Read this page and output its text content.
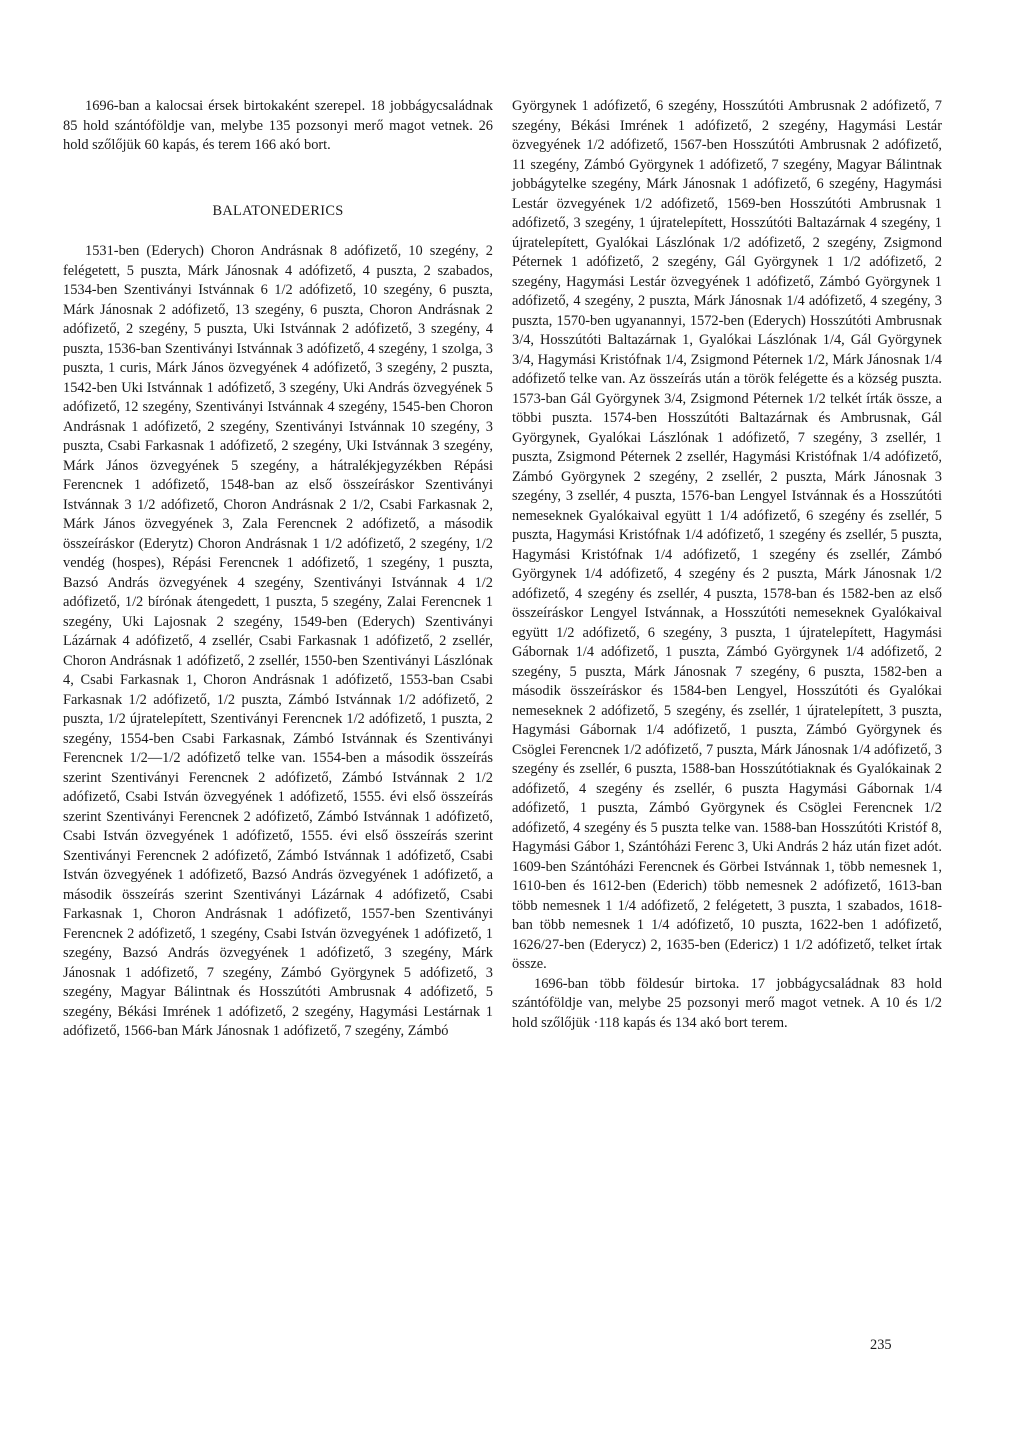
1696-ban a kalocsai érsek birtokaként szerepel. 18 jobbágycsaládnak 85 hold szántóföldje van, melybe 135 pozsonyi merő magot vetnek. 26 hold szőlőjük 60 kapás, és terem 166 akó bort.

BALATONEDERICS

1531-ben (Ederych) Choron Andrásnak 8 adófizető, 10 szegény, 2 felégetett, 5 puszta, Márk Jánosnak 4 adófizető, 4 puszta, 2 szabados, 1534-ben Szentiványi Istvánnak 6 1/2 adófizető, 10 szegény, 6 puszta, Márk Jánosnak 2 adófizető, 13 szegény, 6 puszta, Choron Andrásnak 2 adófizető, 2 szegény, 5 puszta, Uki Istvánnak 2 adófizető, 3 szegény, 4 puszta, 1536-ban Szentiványi Istvánnak 3 adófizető, 4 szegény, 1 szolga, 3 puszta, 1 curis, Márk János özvegyének 4 adófizető, 3 szegény, 2 puszta, 1542-ben Uki Istvánnak 1 adófizető, 3 szegény, Uki András özvegyének 5 adófizető, 12 szegény, Szentiványi Istvánnak 4 szegény, 1545-ben Choron Andrásnak 1 adófizető, 2 szegény, Szentiványi Istvánnak 10 szegény, 3 puszta, Csabi Farkasnak 1 adófizető, 2 szegény, Uki Istvánnak 3 szegény, Márk János özvegyének 5 szegény, a hátralékjegyzékben Répási Ferencnek 1 adófizető, 1548-ban az első összeíráskor Szentiványi Istvánnak 3 1/2 adófizető, Choron Andrásnak 2 1/2, Csabi Farkasnak 2, Márk János özvegyének 3, Zala Ferencnek 2 adófizető, a második összeíráskor (Ederytz) Choron Andrásnak 1 1/2 adófizető, 2 szegény, 1/2 vendég (hospes), Répási Ferencnek 1 adófizető, 1 szegény, 1 puszta, Bazsó András özvegyének 4 szegény, Szentiványi Istvánnak 4 1/2 adófizető, 1/2 bírónak átengedett, 1 puszta, 5 szegény, Zalai Ferencnek 1 szegény, Uki Lajosnak 2 szegény, 1549-ben (Ederych) Szentiványi Lázárnak 4 adófizető, 4 zsellér, Csabi Farkasnak 1 adófizető, 2 zsellér, Choron Andrásnak 1 adófizető, 2 zsellér, 1550-ben Szentiványi Lászlónak 4, Csabi Farkasnak 1, Choron Andrásnak 1 adófizető, 1553-ban Csabi Farkasnak 1/2 adófizető, 1/2 puszta, Zámbó Istvánnak 1/2 adófizető, 2 puszta, 1/2 újratelepített, Szentiványi Ferencnek 1/2 adófizető, 1 puszta, 2 szegény, 1554-ben Csabi Farkasnak, Zámbó Istvánnak és Szentiványi Ferencnek 1/2—1/2 adófizető telke van. 1554-ben a második összeírás szerint Szentiványi Ferencnek 2 adófizető, Zámbó Istvánnak 2 1/2 adófizető, Csabi István özvegyének 1 adófizető, 1555. évi első összeírás szerint Szentiványi Ferencnek 2 adófizető, Zámbó Istvánnak 1 adófizető, Csabi István özvegyének 1 adófizető, 1555. évi első összeírás szerint Szentiványi Ferencnek 2 adófizető, Zámbó Istvánnak 1 adófizető, Csabi István özvegyének 1 adófizető, Bazsó András özvegyének 1 adófizető, a második összeírás szerint Szentiványi Lázárnak 4 adófizető, Csabi Farkasnak 1, Choron Andrásnak 1 adófizető, 1557-ben Szentiványi Ferencnek 2 adófizető, 1 szegény, Csabi István özvegyének 1 adófizető, 1 szegény, Bazsó András özvegyének 1 adófizető, 3 szegény, Márk Jánosnak 1 adófizető, 7 szegény, Zámbó Györgynek 5 adófizető, 3 szegény, Magyar Bálintnak és Hosszútóti Ambrusnak 4 adófizető, 5 szegény, Békási Imrének 1 adófizető, 2 szegény, Hagymási Lestárnak 1 adófizető, 1566-ban Márk Jánosnak 1 adófizető, 7 szegény, Zámbó

Györgynek 1 adófizető, 6 szegény, Hosszútóti Ambrusnak 2 adófizető, 7 szegény, Békási Imrének 1 adófizető, 2 szegény, Hagymási Lestár özvegyének 1/2 adófizető, 1567-ben Hosszútóti Ambrusnak 2 adófizető, 11 szegény, Zámbó Györgynek 1 adófizető, 7 szegény, Magyar Bálintnak jobbágytelke szegény, Márk Jánosnak 1 adófizető, 6 szegény, Hagymási Lestár özvegyének 1/2 adófizető, 1569-ben Hosszútóti Ambrusnak 1 adófizető, 3 szegény, 1 újratelepített, Hosszútóti Baltazárnak 4 szegény, 1 újratelepített, Gyalókai Lászlónak 1/2 adófizető, 2 szegény, Zsigmond Péternek 1 adófizető, 2 szegény, Gál Györgynek 1 1/2 adófizető, 2 szegény, Hagymási Lestár özvegyének 1 adófizető, Zámbó Györgynek 1 adófizető, 4 szegény, 2 puszta, Márk Jánosnak 1/4 adófizető, 4 szegény, 3 puszta, 1570-ben ugyanannyi, 1572-ben (Ederych) Hosszútóti Ambrusnak 3/4, Hosszútóti Baltazárnak 1, Gyalókai Lászlónak 1/4, Gál Györgynek 3/4, Hagymási Kristófnak 1/4, Zsigmond Péternek 1/2, Márk Jánosnak 1/4 adófizető telke van. Az összeírás után a török felégette és a község puszta. 1573-ban Gál Györgynek 3/4, Zsigmond Péternek 1/2 telkét írták össze, a többi puszta. 1574-ben Hosszútóti Baltazárnak és Ambrusnak, Gál Györgynek, Gyalókai Lászlónak 1 adófizető, 7 szegény, 3 zsellér, 1 puszta, Zsigmond Péternek 2 zsellér, Hagymási Kristófnak 1/4 adófizető, Zámbó Györgynek 2 szegény, 2 zsellér, 2 puszta, Márk Jánosnak 3 szegény, 3 zsellér, 4 puszta, 1576-ban Lengyel Istvánnak és a Hosszútóti nemeseknek Gyalókaival együtt 1 1/4 adófizető, 6 szegény és zsellér, 5 puszta, Hagymási Kristófnak 1/4 adófizető, 1 szegény és zsellér, 5 puszta, Hagymási Kristófnak 1/4 adófizető, 1 szegény és zsellér, Zámbó Györgynek 1/4 adófizető, 4 szegény és 2 puszta, Márk Jánosnak 1/2 adófizető, 4 szegény és zsellér, 4 puszta, 1578-ban és 1582-ben az első összeíráskor Lengyel Istvánnak, a Hosszútóti nemeseknek Gyalókaival együtt 1/2 adófizető, 6 szegény, 3 puszta, 1 újratelepített, Hagymási Gábornak 1/4 adófizető, 1 puszta, Zámbó Györgynek 1/4 adófizető, 2 szegény, 5 puszta, Márk Jánosnak 7 szegény, 6 puszta, 1582-ben a második összeíráskor és 1584-ben Lengyel, Hosszútóti és Gyalókai nemeseknek 2 adófizető, 5 szegény, és zsellér, 1 újratelepített, 3 puszta, Hagymási Gábornak 1/4 adófizető, 1 puszta, Zámbó Györgynek és Csöglei Ferencnek 1/2 adófizető, 7 puszta, Márk Jánosnak 1/4 adófizető, 3 szegény és zsellér, 6 puszta, 1588-ban Hosszútótiaknak és Gyalókainak 2 adófizető, 4 szegény és zsellér, 6 puszta Hagymási Gábornak 1/4 adófizető, 1 puszta, Zámbó Györgynek és Csöglei Ferencnek 1/2 adófizető, 4 szegény és 5 puszta telke van. 1588-ban Hosszútóti Kristóf 8, Hagymási Gábor 1, Szántóházi Ferenc 3, Uki András 2 ház után fizet adót. 1609-ben Szántóházi Ferencnek és Görbei Istvánnak 1, több nemesnek 1, 1610-ben és 1612-ben (Ederich) több nemesnek 2 adófizető, 1613-ban több nemesnek 1 1/4 adófizető, 2 felégetett, 3 puszta, 1 szabados, 1618-ban több nemesnek 1 1/4 adófizető, 10 puszta, 1622-ben 1 adófizető, 1626/27-ben (Ederycz) 2, 1635-ben (Edericz) 1 1/2 adófizető, telket írtak össze.

1696-ban több földesúr birtoka. 17 jobbágycsaládnak 83 hold szántóföldje van, melybe 25 pozsonyi merő magot vetnek. A 10 és 1/2 hold szőlőjük ·118 kapás és 134 akó bort terem.

235
